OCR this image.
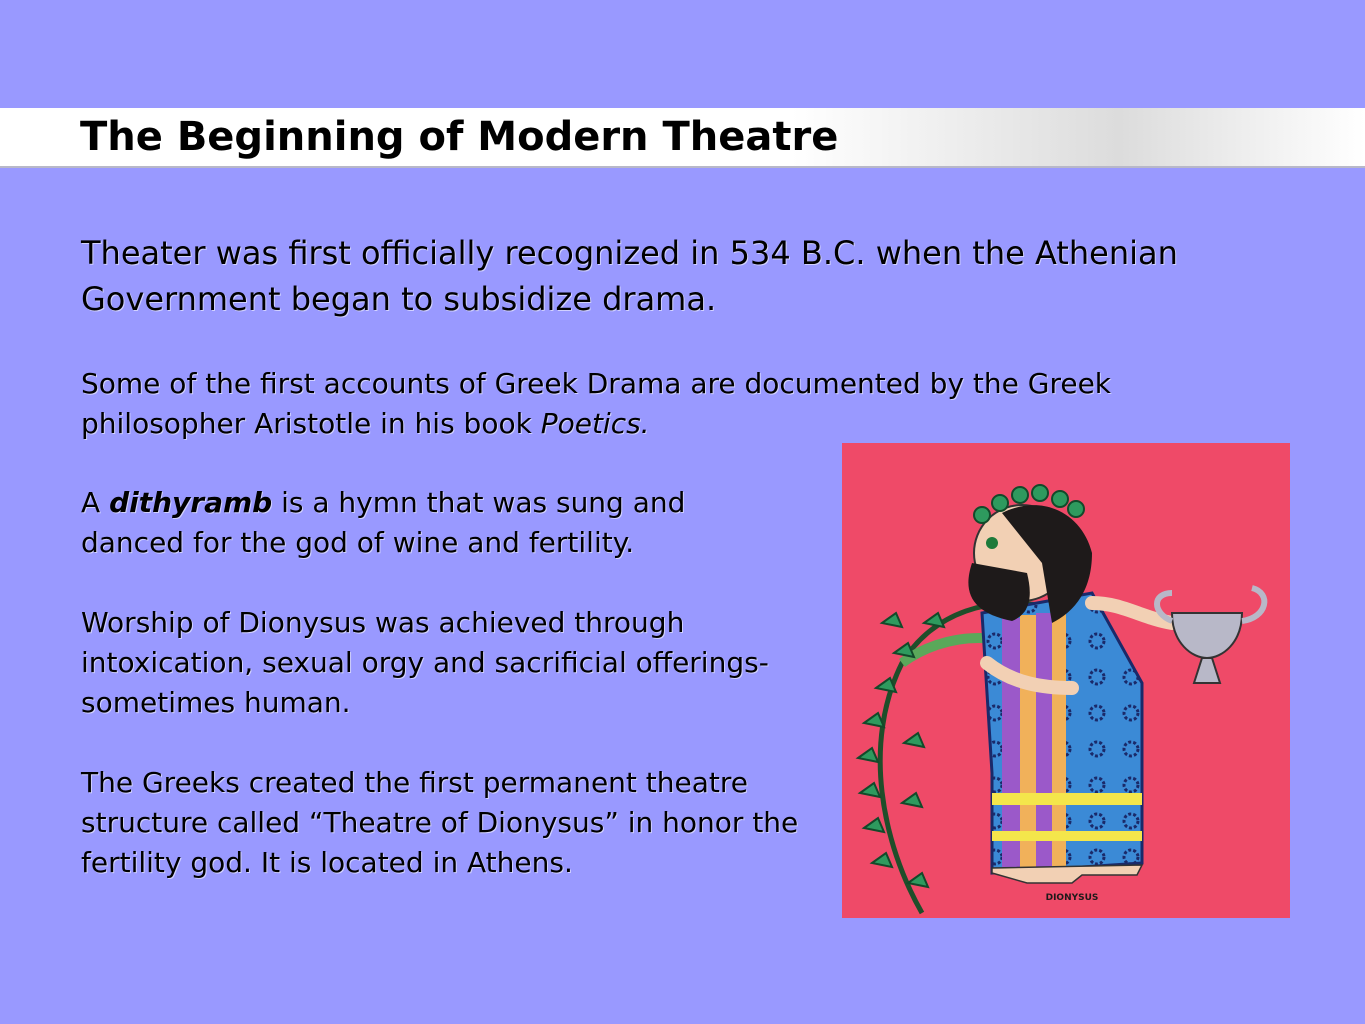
The Beginning of Modern Theatre

Theater was first officially recognized in 534 B.C. when the Athenian
Government began to subsidize drama.

Some of the first accounts of Greek Drama are documented by the Greek
philosopher Aristotle in his book Poetics.

A dithyramb is a hymn that was sung and
danced for the god of wine and fertility.

Worship of Dionysus was achieved through
intoxication, sexual orgy and sacrificial offerings-
sometimes human.

The Greeks created the first permanent theatre
structure called “Theatre of Dionysus” in honor the
fertility god. It is located in Athens.

DIONYSUS
